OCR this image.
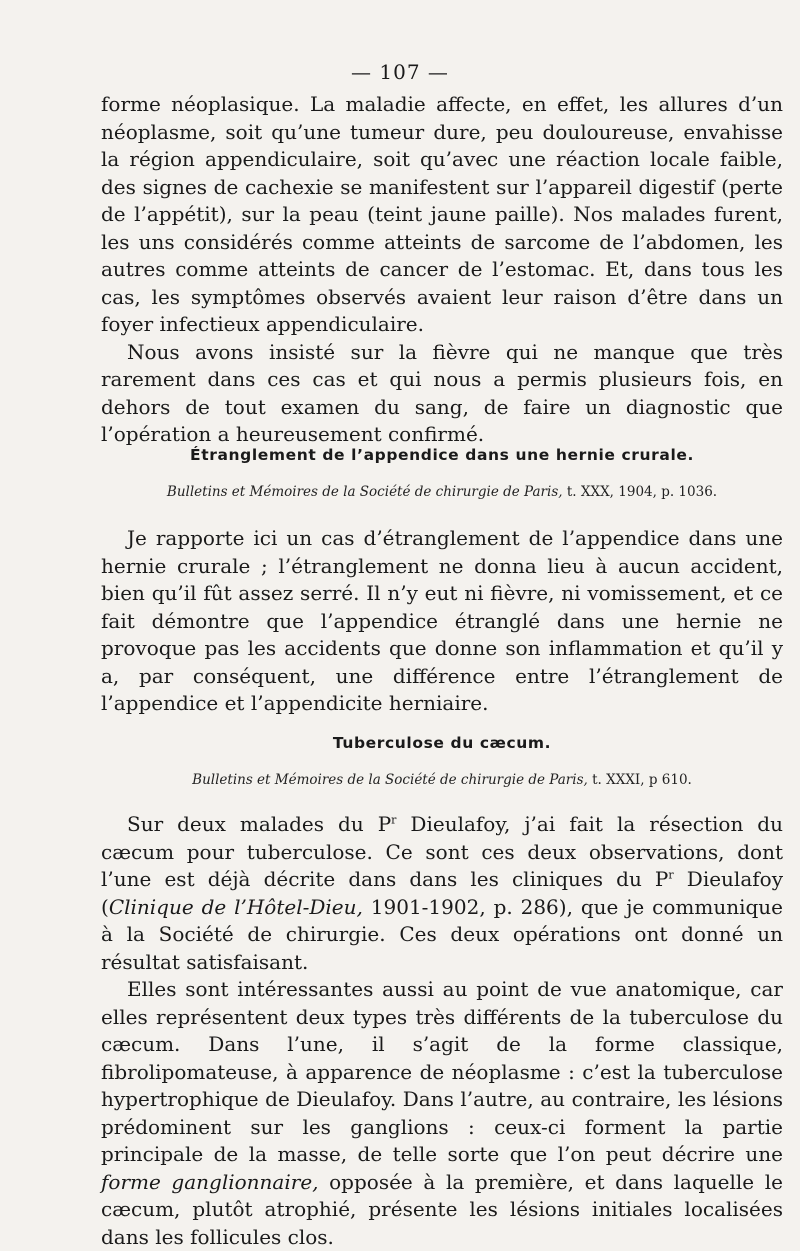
— 107 —

forme néoplasique. La maladie affecte, en effet, les allures d’un néoplasme, soit qu’une tumeur dure, peu douloureuse, envahisse la région appendiculaire, soit qu’avec une réaction locale faible, des signes de cachexie se manifestent sur l’appareil digestif (perte de l’appétit), sur la peau (teint jaune paille). Nos malades furent, les uns considérés comme atteints de sarcome de l’abdomen, les autres comme atteints de cancer de l’estomac. Et, dans tous les cas, les symptômes observés avaient leur raison d’être dans un foyer infectieux appendiculaire.

Nous avons insisté sur la fièvre qui ne manque que très rarement dans ces cas et qui nous a permis plusieurs fois, en dehors de tout examen du sang, de faire un diagnostic que l’opération a heureusement confirmé.

Étranglement de l’appendice dans une hernie crurale.

Bulletins et Mémoires de la Société de chirurgie de Paris, t. XXX, 1904, p. 1036.

Je rapporte ici un cas d’étranglement de l’appendice dans une hernie crurale ; l’étranglement ne donna lieu à aucun accident, bien qu’il fût assez serré. Il n’y eut ni fièvre, ni vomissement, et ce fait démontre que l’appendice étranglé dans une hernie ne provoque pas les accidents que donne son inflammation et qu’il y a, par conséquent, une différence entre l’étranglement de l’appendice et l’appendicite herniaire.

Tuberculose du cæcum.

Bulletins et Mémoires de la Société de chirurgie de Paris, t. XXXI, p 610.

Sur deux malades du $P^r$ Dieulafoy, j’ai fait la résection du cæcum pour tuberculose. Ce sont ces deux observations, dont l’une est déjà décrite dans dans les cliniques du $P^r$ Dieulafoy (Clinique de l’Hôtel-Dieu, 1901-1902, p. 286), que je communique à la Société de chirurgie. Ces deux opérations ont donné un résultat satisfaisant.

Elles sont intéressantes aussi au point de vue anatomique, car elles représentent deux types très différents de la tuberculose du cæcum. Dans l’une, il s’agit de la forme classique, fibrolipomateuse, à apparence de néoplasme : c’est la tuberculose hypertrophique de Dieulafoy. Dans l’autre, au contraire, les lésions prédominent sur les ganglions : ceux-ci forment la partie principale de la masse, de telle sorte que l’on peut décrire une forme ganglionnaire, opposée à la première, et dans laquelle le cæcum, plutôt atrophié, présente les lésions initiales localisées dans les follicules clos.
